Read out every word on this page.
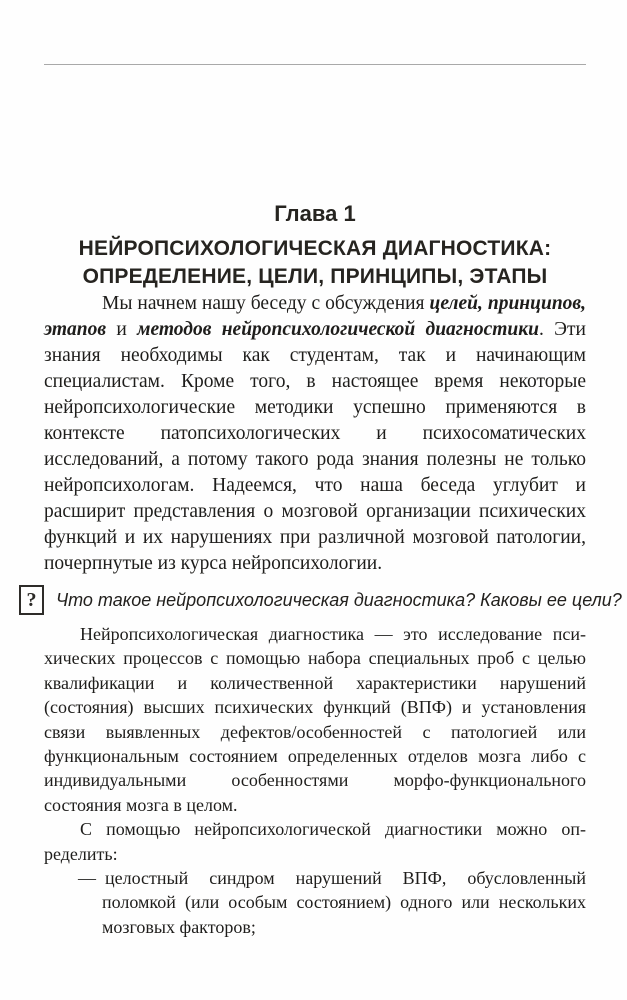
Глава 1
НЕЙРОПСИХОЛОГИЧЕСКАЯ ДИАГНОСТИКА:
ОПРЕДЕЛЕНИЕ, ЦЕЛИ, ПРИНЦИПЫ, ЭТАПЫ

Мы начнем нашу беседу с обсуждения целей, принципов, этапов и методов нейропсихологической диагностики. Эти знания необходимы как студентам, так и начинающим специалистам. Кроме того, в настоящее время некоторые нейропсихологические методики успешно применяются в контексте патопсихологических и психосоматических исследований, а потому такого рода знания полезны не только нейропсихологам. Надеемся, что наша беседа углубит и расширит представления о мозговой организации психических функций и их нарушениях при различной мозговой патологии, почерпнутые из курса нейропсихологии.

?	Что такое нейропсихологическая диагностика? Каковы ее цели?

Нейропсихологическая диагностика — это исследование психических процессов с помощью набора специальных проб с целью квалификации и количественной характеристики нарушений (состояния) высших психических функций (ВПФ) и установления связи выявленных дефектов/особенностей с патологией или функциональным состоянием определенных отделов мозга либо с индивидуальными особенностями морфо-функционального состояния мозга в целом.

С помощью нейропсихологической диагностики можно определить:

— целостный синдром нарушений ВПФ, обусловленный поломкой (или особым состоянием) одного или нескольких мозговых факторов;
